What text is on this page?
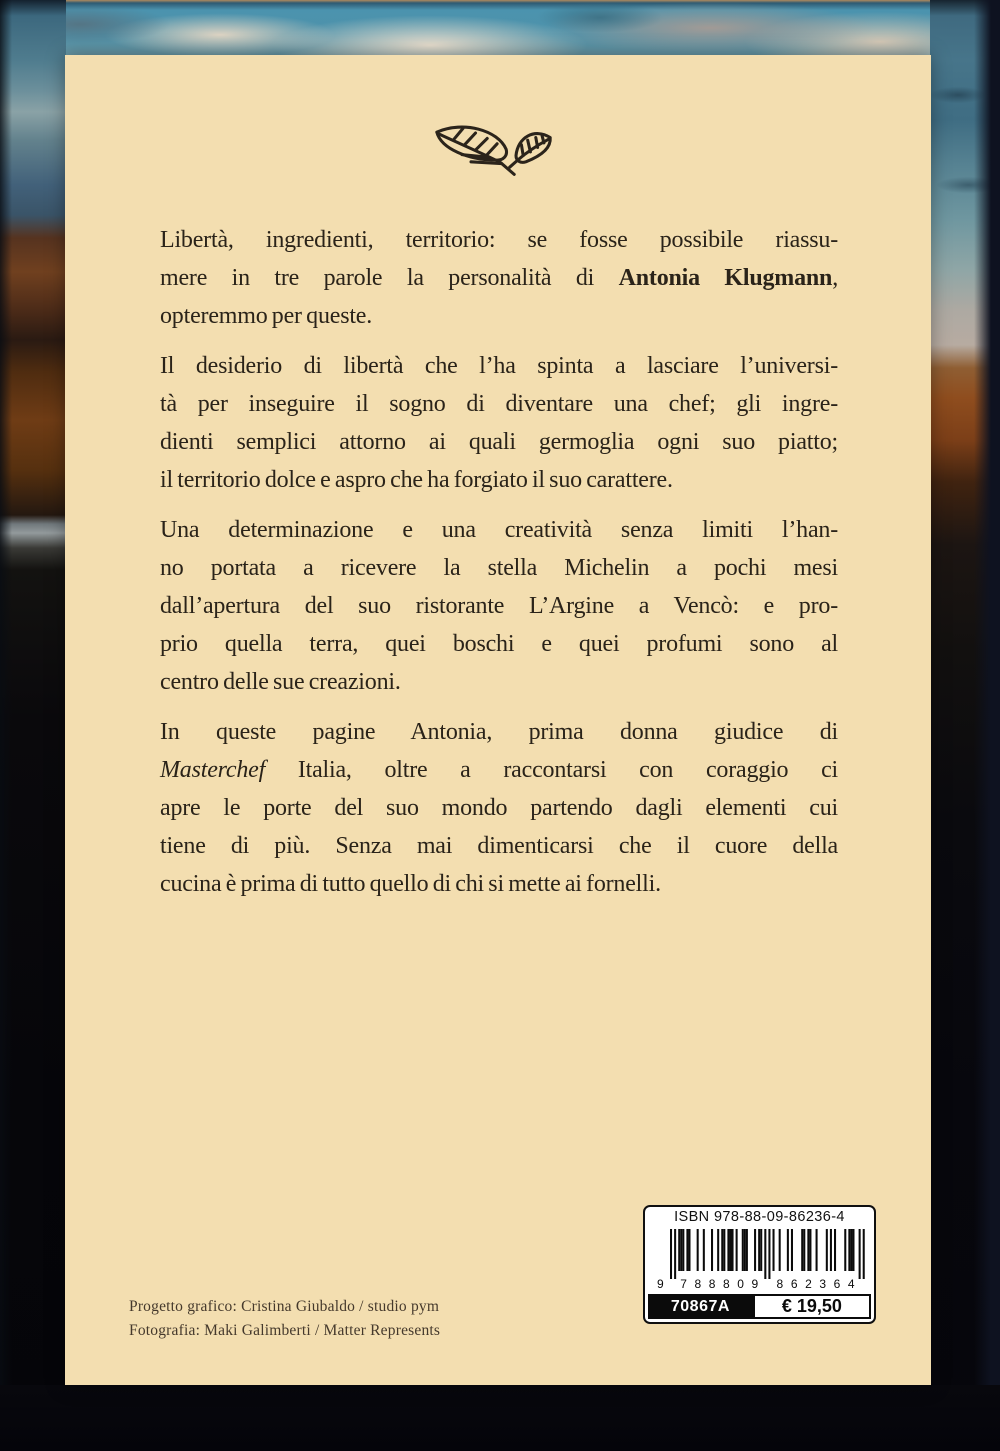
Libertà, ingredienti, territorio: se fosse possibile riassu-
mere in tre parole la personalità di Antonia Klugmann,
opteremmo per queste.
Il desiderio di libertà che l’ha spinta a lasciare l’universi-
tà per inseguire il sogno di diventare una chef; gli ingre-
dienti semplici attorno ai quali germoglia ogni suo piatto;
il territorio dolce e aspro che ha forgiato il suo carattere.
Una determinazione e una creatività senza limiti l’han-
no portata a ricevere la stella Michelin a pochi mesi
dall’apertura del suo ristorante L’Argine a Vencò: e pro-
prio quella terra, quei boschi e quei profumi sono al
centro delle sue creazioni.
In queste pagine Antonia, prima donna giudice di
Masterchef Italia, oltre a raccontarsi con coraggio ci
apre le porte del suo mondo partendo dagli elementi cui
tiene di più. Senza mai dimenticarsi che il cuore della
cucina è prima di tutto quello di chi si mette ai fornelli.
Progetto grafico: Cristina Giubaldo / studio pym
Fotografia: Maki Galimberti / Matter Represents
ISBN 978-88-09-86236-4
9 788809 862364
70867A	€ 19,50
